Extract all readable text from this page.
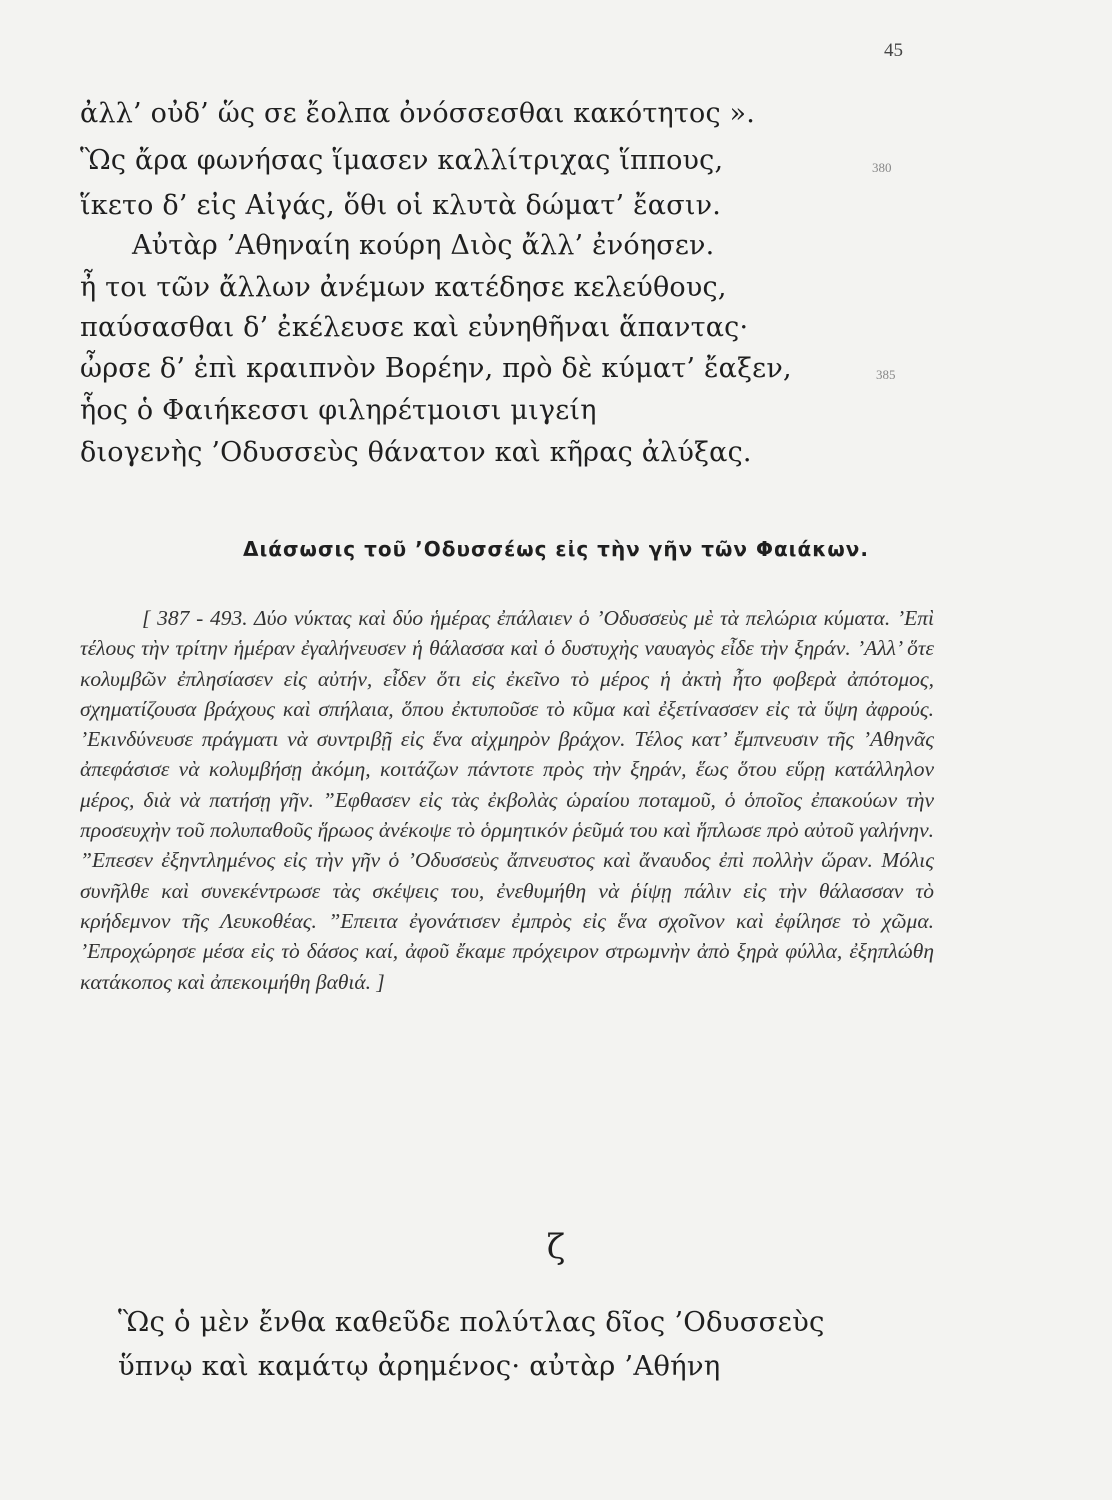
45
ἀλλ’ οὐδ’ ὥς σε ἔολπα ὀνόσσεσθαι κακότητος ».
Ὣς ἄρα φωνήσας ἵμασεν καλλίτριχας ἵππους,	380
ἵκετο δ’ εἰς Αἰγάς, ὅθι οἱ κλυτὰ δώματ’ ἔασιν.
Αὐτὰρ ’Αθηναίη κούρη Διὸς ἄλλ’ ἐνόησεν.
ἦ τοι τῶν ἄλλων ἀνέμων κατέδησε κελεύθους,
παύσασθαι δ’ ἐκέλευσε καὶ εὐνηθῆναι ἅπαντας·
ὦρσε δ’ ἐπὶ κραιπνὸν Βορέην, πρὸ δὲ κύματ’ ἔαξεν,	385
ἧος ὁ Φαιήκεσσι φιληρέτμοισι μιγείη
διογενὴς ’Οδυσσεὺς θάνατον καὶ κῆρας ἀλύξας.
Διάσωσις τοῦ ’Οδυσσέως εἰς τὴν γῆν τῶν Φαιάκων.

[ 387 - 493. Δύο νύκτας καὶ δύο ἡμέρας ἐπάλαιεν ὁ ’Οδυσσεὺς μὲ τὰ πελώρια κύματα. ’Επὶ τέλους τὴν τρίτην ἡμέραν ἐγαλήνευσεν ἡ θάλασσα καὶ ὁ δυστυχὴς ναυαγὸς εἶδε τὴν ξηράν. ’Αλλ’ ὅτε κολυμβῶν ἐπλησίασεν εἰς αὐτήν, εἶδεν ὅτι εἰς ἐκεῖνο τὸ μέρος ἡ ἀκτὴ ἦτο φοβερὰ ἀπότομος, σχηματίζουσα βράχους καὶ σπήλαια, ὅπου ἐκτυποῦσε τὸ κῦμα καὶ ἐξετίνασσεν εἰς τὰ ὕψη ἀφρούς. ’Εκινδύνευσε πράγματι νὰ συντριβῇ εἰς ἕνα αἰχμηρὸν βράχον. Τέλος κατ’ ἔμπνευσιν τῆς ’Αθηνᾶς ἀπεφάσισε νὰ κολυμβήσῃ ἀκόμη, κοιτάζων πάντοτε πρὸς τὴν ξηράν, ἕως ὅτου εὕρῃ κατάλληλον μέρος, διὰ νὰ πατήσῃ γῆν. ”Εφθασεν εἰς τὰς ἐκβολὰς ὡραίου ποταμοῦ, ὁ ὁποῖος ἐπακούων τὴν προσευχὴν τοῦ πολυπαθοῦς ἥρωος ἀνέκοψε τὸ ὁρμητικόν ῥεῦμά του καὶ ἥπλωσε πρὸ αὐτοῦ γαλήνην. ”Επεσεν ἐξηντλημένος εἰς τὴν γῆν ὁ ’Οδυσσεὺς ἄπνευστος καὶ ἄναυδος ἐπὶ πολλὴν ὥραν. Μόλις συνῆλθε καὶ συνεκέντρωσε τὰς σκέψεις του, ἐνεθυμήθη νὰ ῥίψῃ πάλιν εἰς τὴν θάλασσαν τὸ κρήδεμνον τῆς Λευκοθέας. ”Επειτα ἐγονάτισεν ἐμπρὸς εἰς ἕνα σχοῖνον καὶ ἐφίλησε τὸ χῶμα. ’Επροχώρησε μέσα εἰς τὸ δάσος καί, ἀφοῦ ἔκαμε πρόχειρον στρωμνὴν ἀπὸ ξηρὰ φύλλα, ἐξηπλώθη κατάκοπος καὶ ἀπεκοιμήθη βαθιά. ]

ζ
Ὣς ὁ μὲν ἔνθα καθεῦδε πολύτλας δῖος ’Οδυσσεὺς
ὕπνῳ καὶ καμάτῳ ἀρημένος· αὐτὰρ ’Αθήνη
